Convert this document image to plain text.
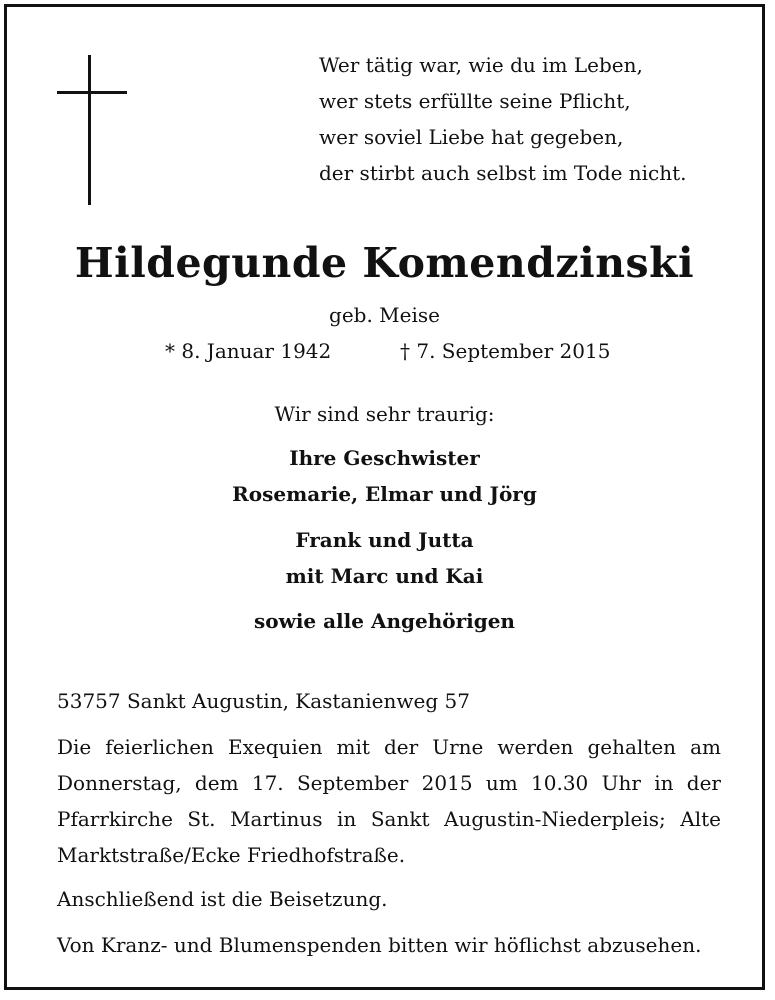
Wer tätig war, wie du im Leben,
wer stets erfüllte seine Pflicht,
wer soviel Liebe hat gegeben,
der stirbt auch selbst im Tode nicht.
Hildegunde Komendzinski
geb. Meise
* 8. Januar 1942	† 7. September 2015
Wir sind sehr traurig:
Ihre Geschwister
Rosemarie, Elmar und Jörg
Frank und Jutta
mit Marc und Kai
sowie alle Angehörigen
53757 Sankt Augustin, Kastanienweg 57
Die feierlichen Exequien mit der Urne werden gehalten am Donnerstag, dem 17. September 2015 um 10.30 Uhr in der Pfarrkirche St. Martinus in Sankt Augustin-Niederpleis; Alte Marktstraße/Ecke Friedhofstraße.
Anschließend ist die Beisetzung.
Von Kranz- und Blumenspenden bitten wir höflichst abzusehen.
